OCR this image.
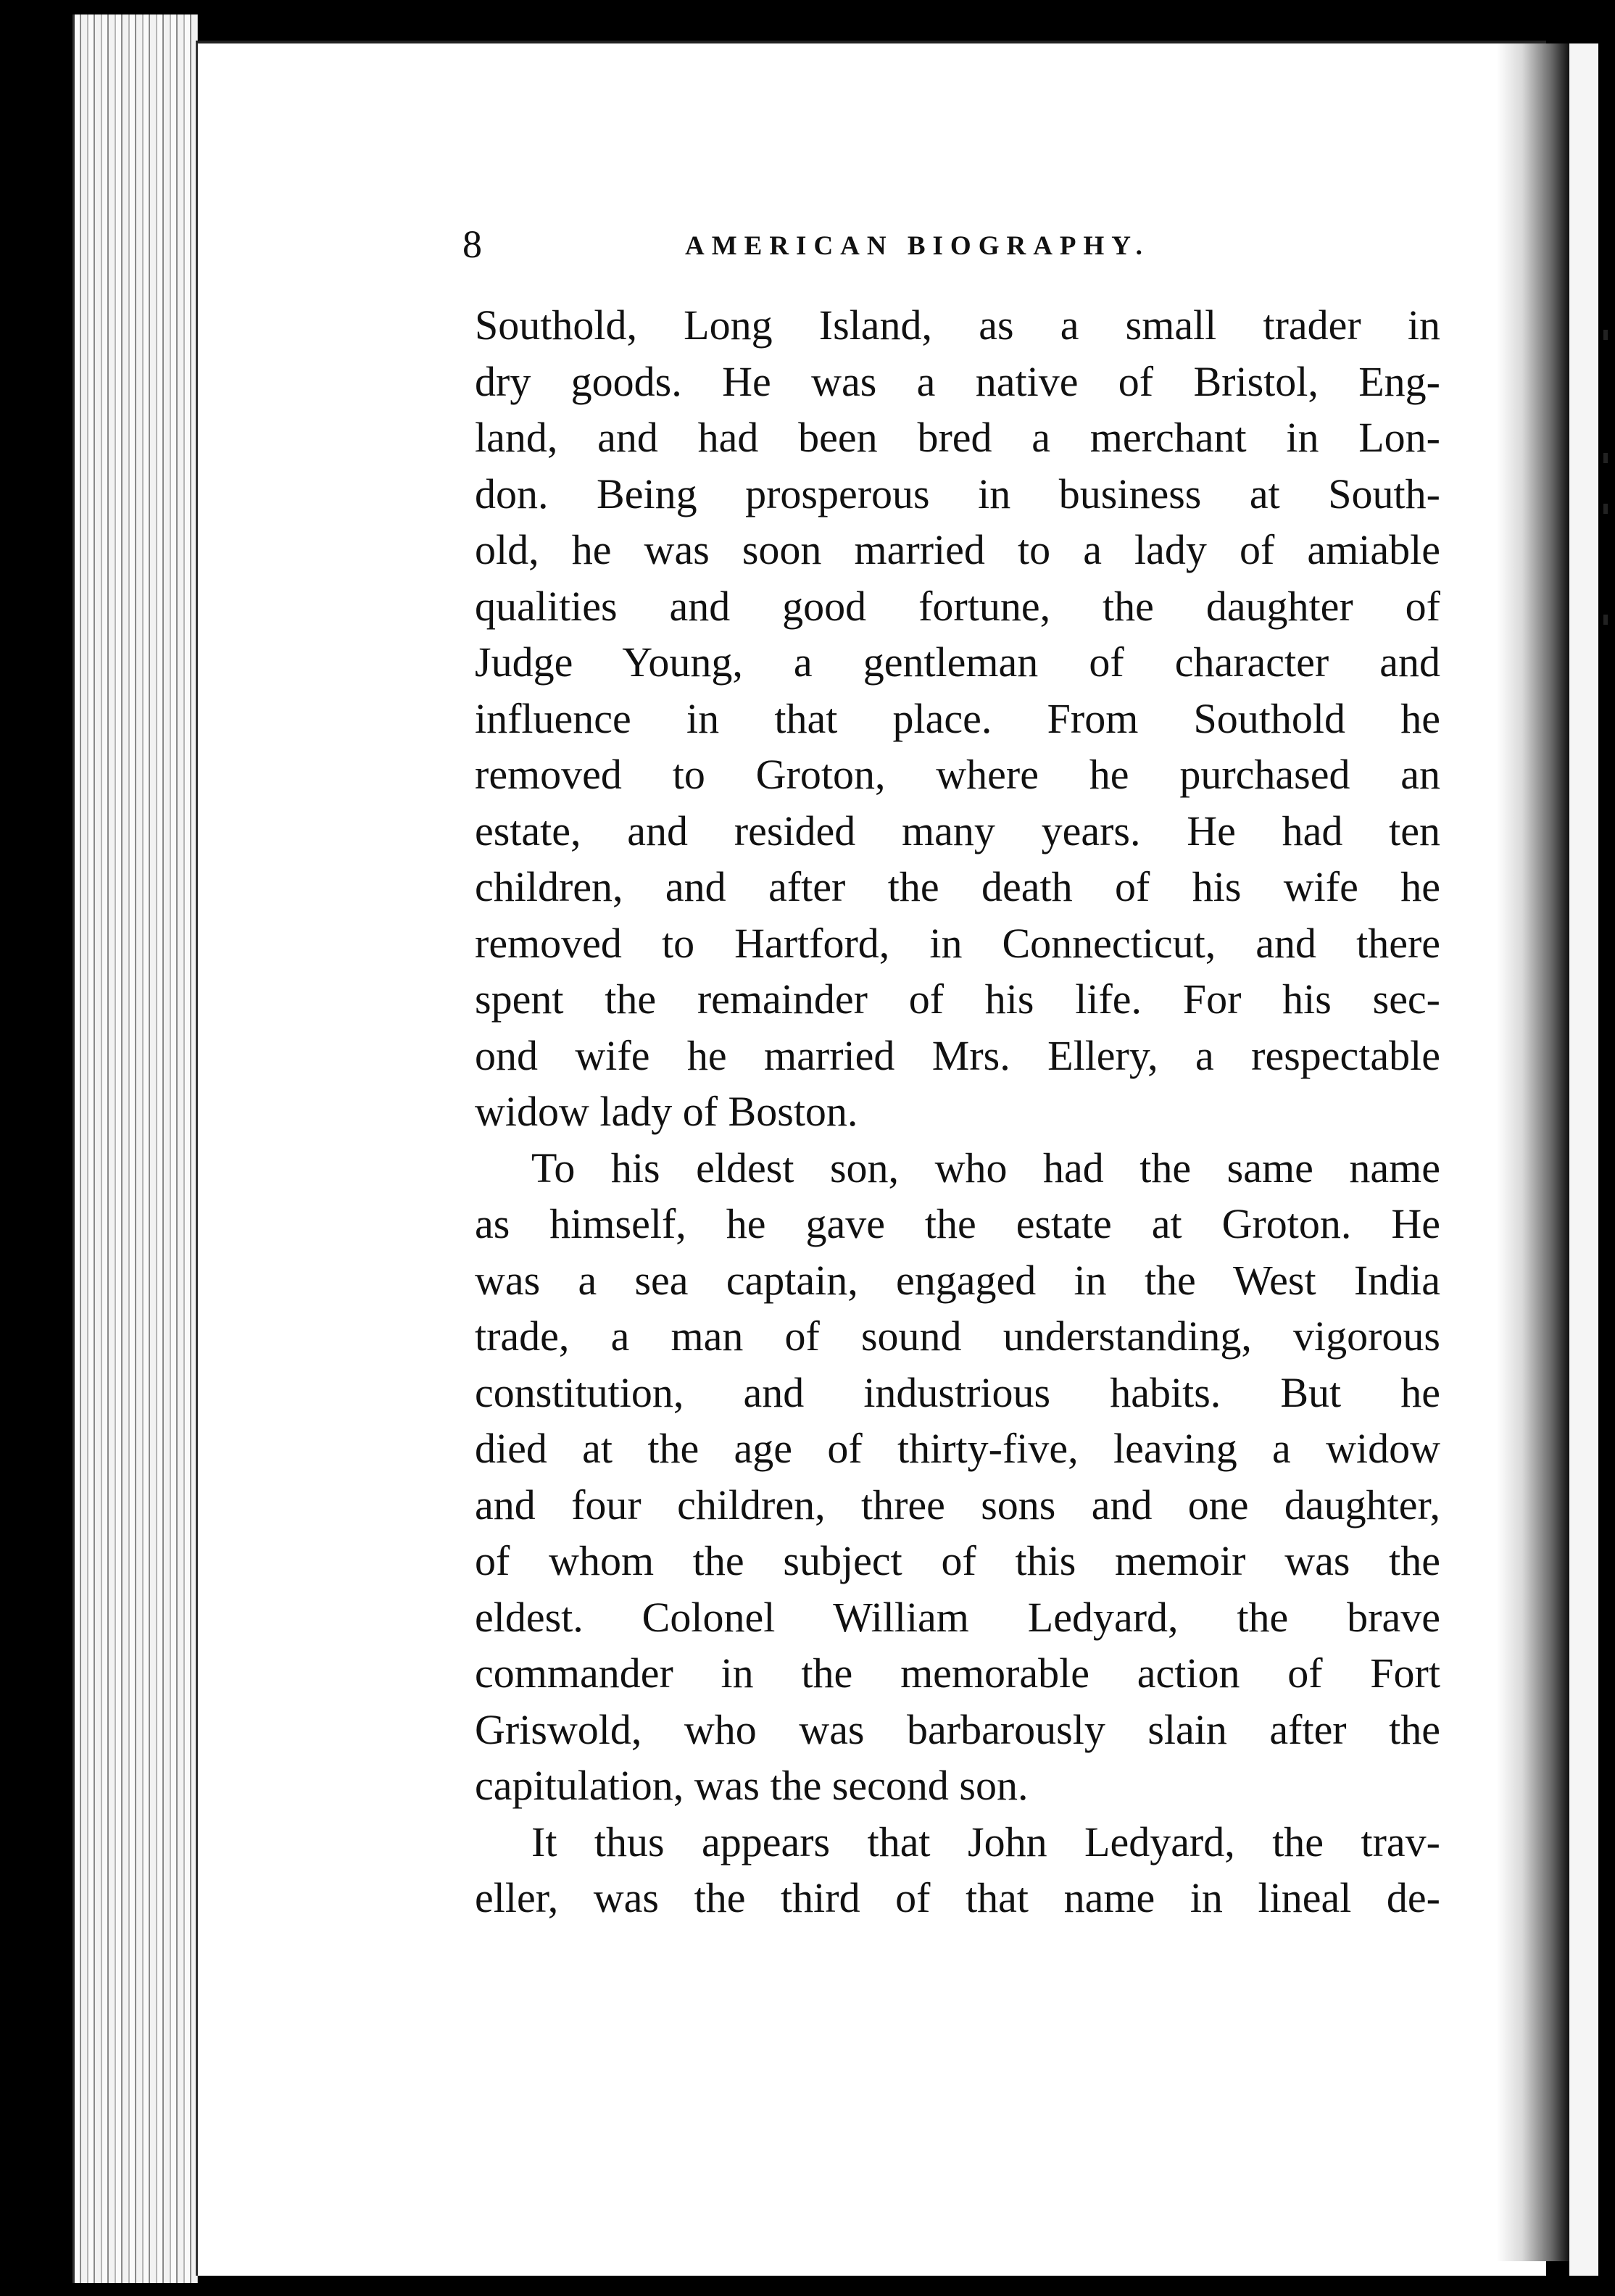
8	AMERICAN BIOGRAPHY.

Southold, Long Island, as a small trader in
dry goods. He was a native of Bristol, Eng-
land, and had been bred a merchant in Lon-
don. Being prosperous in business at South-
old, he was soon married to a lady of amiable
qualities and good fortune, the daughter of
Judge Young, a gentleman of character and
influence in that place. From Southold he
removed to Groton, where he purchased an
estate, and resided many years. He had ten
children, and after the death of his wife he
removed to Hartford, in Connecticut, and there
spent the remainder of his life. For his sec-
ond wife he married Mrs. Ellery, a respectable
widow lady of Boston.

To his eldest son, who had the same name
as himself, he gave the estate at Groton. He
was a sea captain, engaged in the West India
trade, a man of sound understanding, vigorous
constitution, and industrious habits. But he
died at the age of thirty-five, leaving a widow
and four children, three sons and one daughter,
of whom the subject of this memoir was the
eldest. Colonel William Ledyard, the brave
commander in the memorable action of Fort
Griswold, who was barbarously slain after the
capitulation, was the second son.

It thus appears that John Ledyard, the trav-
eller, was the third of that name in lineal de-
